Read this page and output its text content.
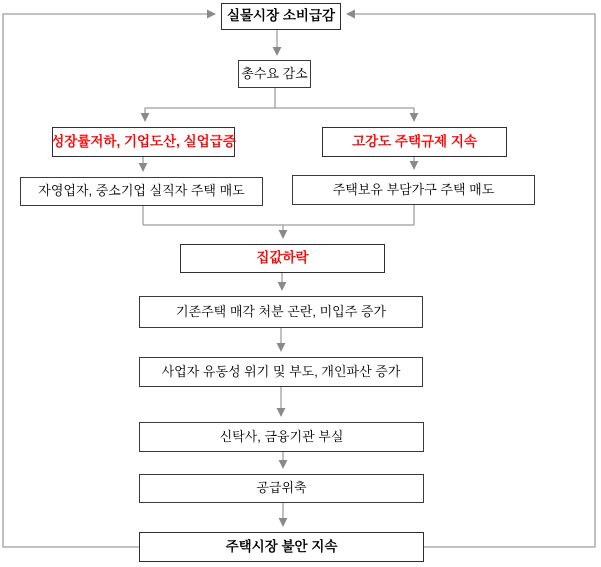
실물시장 소비급감
총수요 감소
성장률저하, 기업도산, 실업급증	고강도 주택규제 지속
자영업자, 중소기업 실직자 주택 매도	주택보유 부담가구 주택 매도
집값하락
기존주택 매각 처분 곤란, 미입주 증가
사업자 유동성 위기 및 부도, 개인파산 증가
신탁사, 금융기관 부실
공급위축
주택시장 불안 지속
